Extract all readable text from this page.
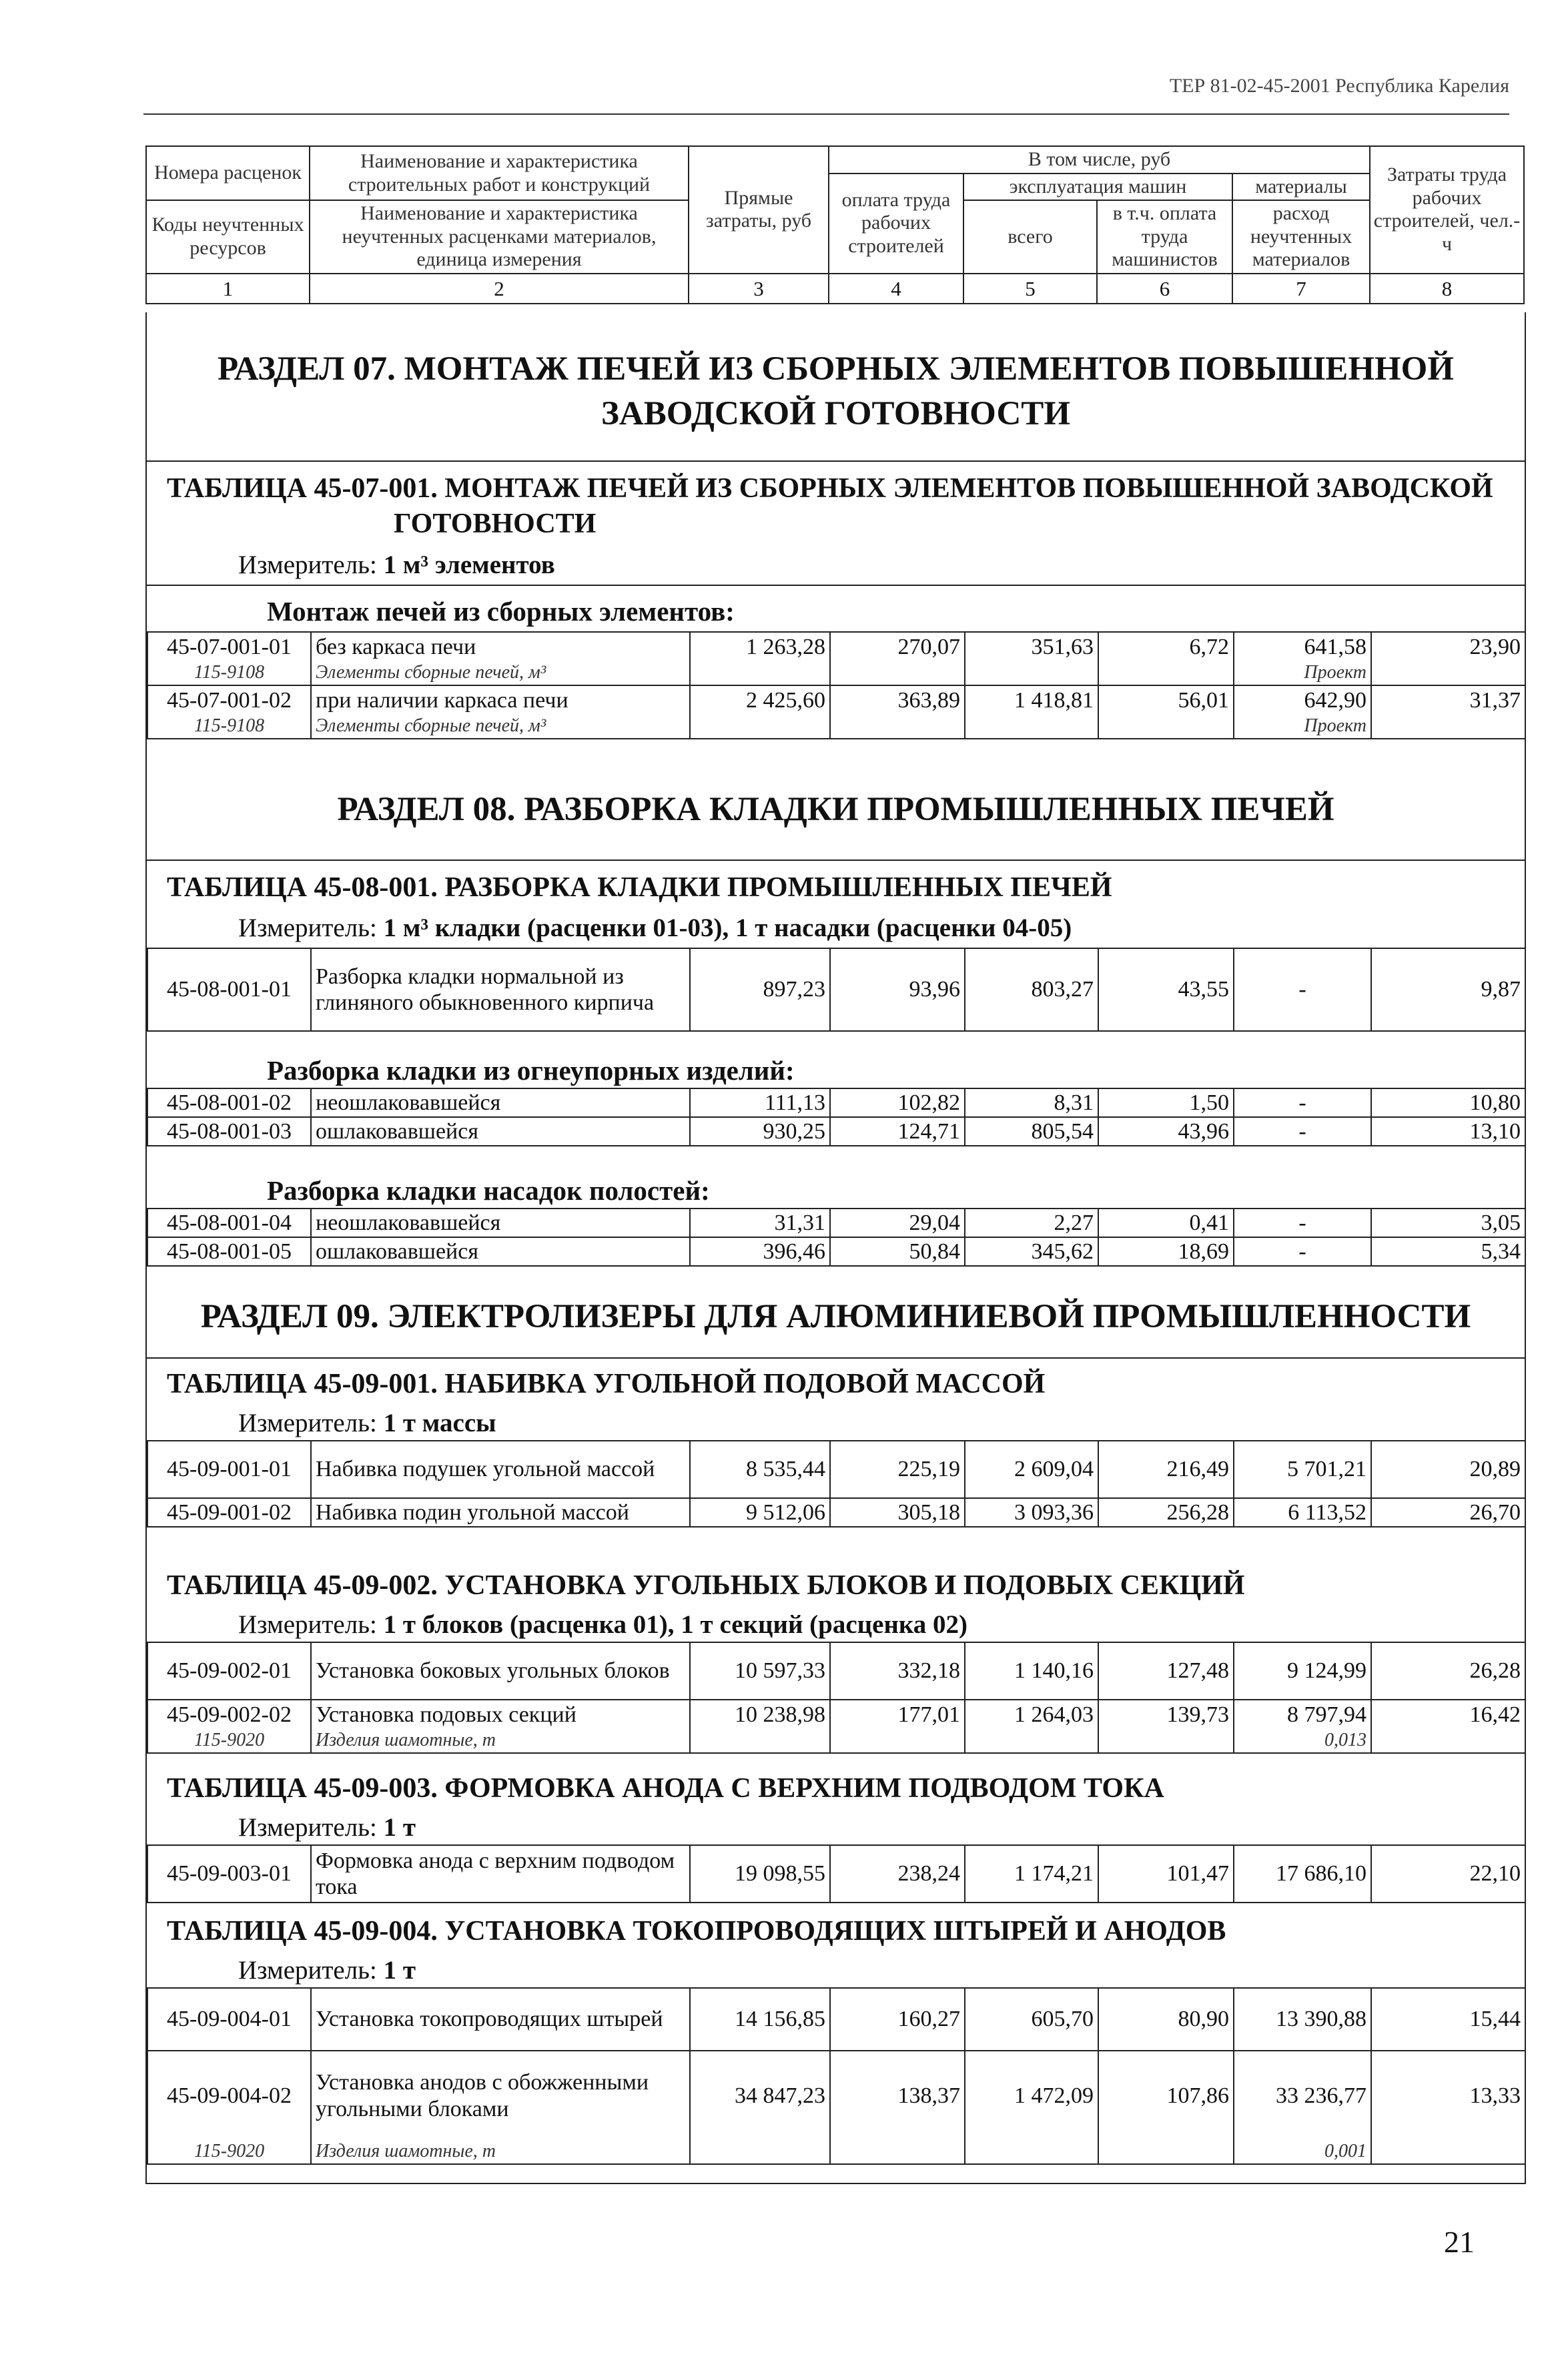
ТЕР 81-02-45-2001 Республика Карелия
Номера расценок	Наименование и характеристика строительных работ и конструкций	Прямые затраты, руб	В том числе, руб				Затраты труда рабочих строителей, чел.-ч
			оплата труда рабочих строителей	эксплуатация машин		материалы	
Коды неучтенных ресурсов	Наименование и характеристика неучтенных расценками материалов, единица измерения			всего	в т.ч. оплата труда машинистов	расход неучтенных материалов	

1	2	3	4	5	6	7	8
РАЗДЕЛ 07. МОНТАЖ ПЕЧЕЙ ИЗ СБОРНЫХ ЭЛЕМЕНТОВ ПОВЫШЕННОЙ ЗАВОДСКОЙ ГОТОВНОСТИ
ТАБЛИЦА 45-07-001. МОНТАЖ ПЕЧЕЙ ИЗ СБОРНЫХ ЭЛЕМЕНТОВ ПОВЫШЕННОЙ ЗАВОДСКОЙ
ГОТОВНОСТИ
Измеритель: 1 м³ элементов
Монтаж печей из сборных элементов:
45-07-001-01	без каркаса печи	1 263,28	270,07	351,63	6,72	641,58	23,90
115-9108	Элементы сборные печей, м³					Проект	
45-07-001-02	при наличии каркаса печи	2 425,60	363,89	1 418,81	56,01	642,90	31,37
115-9108	Элементы сборные печей, м³					Проект	
РАЗДЕЛ 08. РАЗБОРКА КЛАДКИ ПРОМЫШЛЕННЫХ ПЕЧЕЙ
ТАБЛИЦА 45-08-001. РАЗБОРКА КЛАДКИ ПРОМЫШЛЕННЫХ ПЕЧЕЙ
Измеритель: 1 м³ кладки (расценки 01-03), 1 т насадки (расценки 04-05)
45-08-001-01	Разборка кладки нормальной из глиняного обыкновенного кирпича	897,23	93,96	803,27	43,55	-	9,87
Разборка кладки из огнеупорных изделий:
45-08-001-02	неошлаковавшейся	111,13	102,82	8,31	1,50	-	10,80
45-08-001-03	ошлаковавшейся	930,25	124,71	805,54	43,96	-	13,10
Разборка кладки насадок полостей:
45-08-001-04	неошлаковавшейся	31,31	29,04	2,27	0,41	-	3,05
45-08-001-05	ошлаковавшейся	396,46	50,84	345,62	18,69	-	5,34
РАЗДЕЛ 09. ЭЛЕКТРОЛИЗЕРЫ ДЛЯ АЛЮМИНИЕВОЙ ПРОМЫШЛЕННОСТИ
ТАБЛИЦА 45-09-001. НАБИВКА УГОЛЬНОЙ ПОДОВОЙ МАССОЙ
Измеритель: 1 т массы
45-09-001-01	Набивка подушек угольной массой	8 535,44	225,19	2 609,04	216,49	5 701,21	20,89
45-09-001-02	Набивка подин угольной массой	9 512,06	305,18	3 093,36	256,28	6 113,52	26,70
ТАБЛИЦА 45-09-002. УСТАНОВКА УГОЛЬНЫХ БЛОКОВ И ПОДОВЫХ СЕКЦИЙ
Измеритель: 1 т блоков (расценка 01), 1 т секций (расценка 02)
45-09-002-01	Установка боковых угольных блоков	10 597,33	332,18	1 140,16	127,48	9 124,99	26,28
45-09-002-02	Установка подовых секций	10 238,98	177,01	1 264,03	139,73	8 797,94	16,42
115-9020	Изделия шамотные, т					0,013	
ТАБЛИЦА 45-09-003. ФОРМОВКА АНОДА С ВЕРХНИМ ПОДВОДОМ ТОКА
Измеритель: 1 т
45-09-003-01	Формовка анода с верхним подводом тока	19 098,55	238,24	1 174,21	101,47	17 686,10	22,10
ТАБЛИЦА 45-09-004. УСТАНОВКА ТОКОПРОВОДЯЩИХ ШТЫРЕЙ И АНОДОВ
Измеритель: 1 т
45-09-004-01	Установка токопроводящих штырей	14 156,85	160,27	605,70	80,90	13 390,88	15,44
45-09-004-02	Установка анодов с обожженными угольными блоками	34 847,23	138,37	1 472,09	107,86	33 236,77	13,33
115-9020	Изделия шамотные, т					0,001	
21
